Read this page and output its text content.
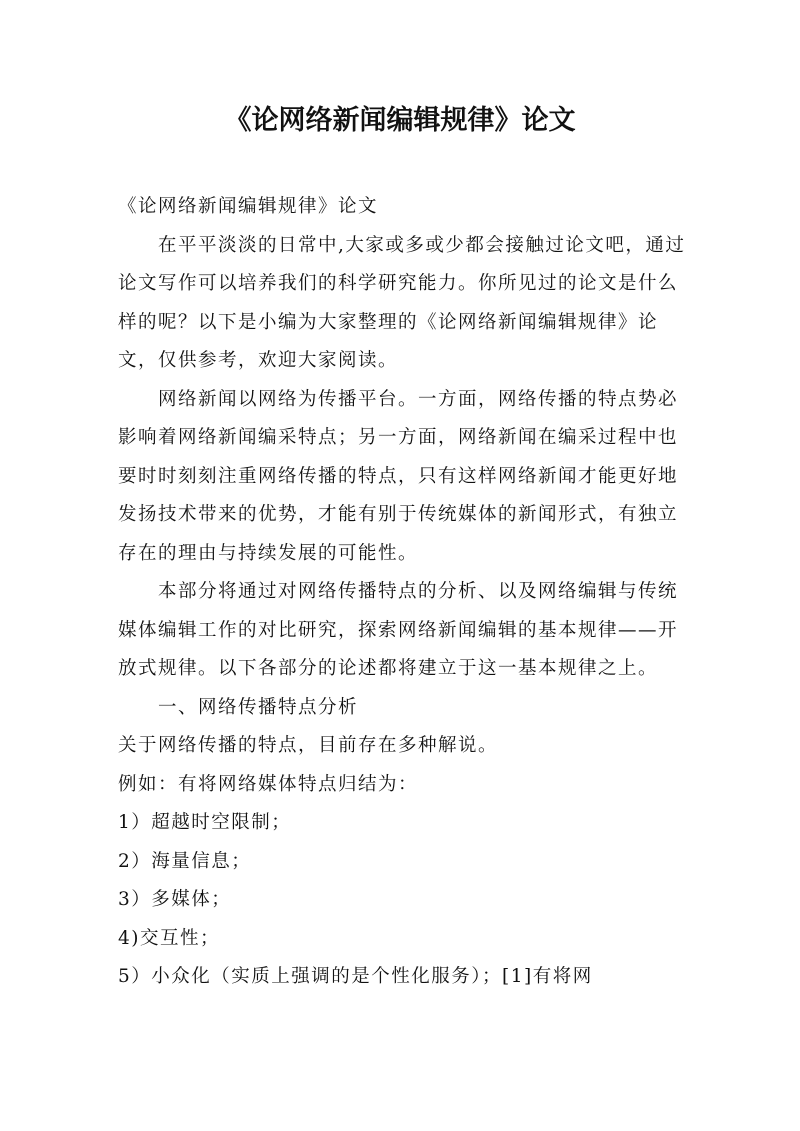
《论网络新闻编辑规律》论文

《论网络新闻编辑规律》论文

在平平淡淡的日常中,大家或多或少都会接触过论文吧，通过论文写作可以培养我们的科学研究能力。你所见过的论文是什么样的呢？以下是小编为大家整理的《论网络新闻编辑规律》论文，仅供参考，欢迎大家阅读。

网络新闻以网络为传播平台。一方面，网络传播的特点势必影响着网络新闻编采特点；另一方面，网络新闻在编采过程中也要时时刻刻注重网络传播的特点，只有这样网络新闻才能更好地发扬技术带来的优势，才能有别于传统媒体的新闻形式，有独立存在的理由与持续发展的可能性。

本部分将通过对网络传播特点的分析、以及网络编辑与传统媒体编辑工作的对比研究，探索网络新闻编辑的基本规律——开放式规律。以下各部分的论述都将建立于这一基本规律之上。

一、网络传播特点分析

关于网络传播的特点，目前存在多种解说。

例如：有将网络媒体特点归结为：

1）超越时空限制；

2）海量信息；

3）多媒体；

4)交互性；

5）小众化（实质上强调的是个性化服务）；[1]有将网
